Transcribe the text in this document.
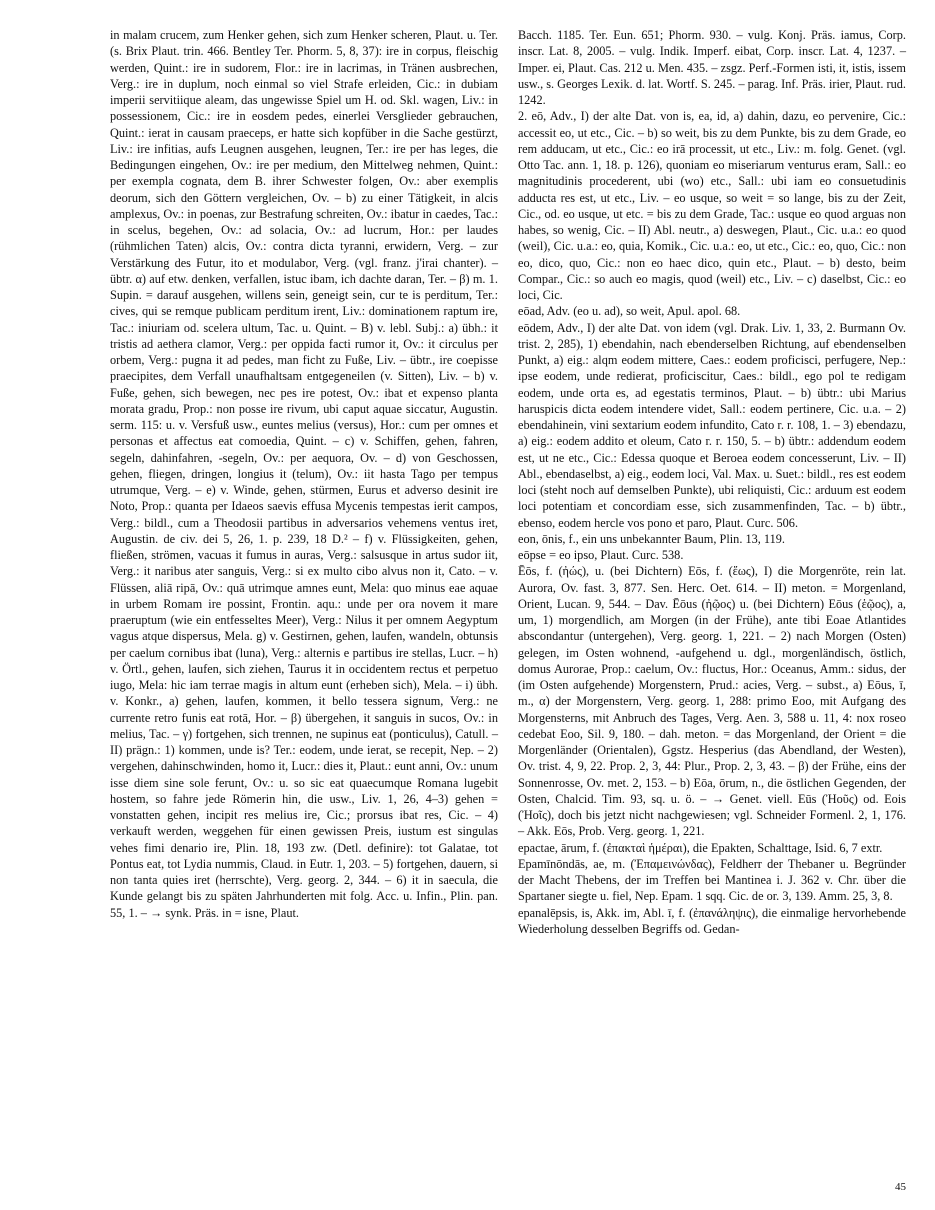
in malam crucem, zum Henker gehen, sich zum Henker scheren, Plaut. u. Ter. (s. Brix Plaut. trin. 466. Bentley Ter. Phorm. 5, 8, 37): ire in corpus, fleischig werden, Quint.: ire in sudorem, Flor.: ire in lacrimas, in Tränen ausbrechen, Verg.: ire in duplum, noch einmal so viel Strafe erleiden, Cic.: in dubiam imperii servitiique aleam, das ungewisse Spiel um H. od. Skl. wagen, Liv.: in possessionem, Cic.: ire in eosdem pedes, einerlei Versglieder gebrauchen, Quint.: ierat in causam praeceps, er hatte sich kopfüber in die Sache gestürzt, Liv.: ire infitias, aufs Leugnen ausgehen, leugnen, Ter.: ire per has leges, die Bedingungen eingehen, Ov.: ire per medium, den Mittelweg nehmen, Quint.: per exempla cognata, dem B. ihrer Schwester folgen, Ov.: aber exemplis deorum, sich den Göttern vergleichen, Ov. – b) zu einer Tätigkeit, in alcis amplexus, Ov.: in poenas, zur Bestrafung schreiten, Ov.: ibatur in caedes, Tac.: in scelus, begehen, Ov.: ad solacia, Ov.: ad lucrum, Hor.: per laudes (rühmlichen Taten) alcis, Ov.: contra dicta tyranni, erwidern, Verg. – zur Verstärkung des Futur, ito et modulabor, Verg. (vgl. franz. j'irai chanter). – übtr. α) auf etw. denken, verfallen, istuc ibam, ich dachte daran, Ter. – β) m. 1. Supin. = darauf ausgehen, willens sein, geneigt sein, cur te is perditum, Ter.: cives, qui se remque publicam perditum irent, Liv.: dominationem raptum ire, Tac.: iniuriam od. scelera ultum, Tac. u. Quint. – B) v. lebl. Subj.: a) übh.: it tristis ad aethera clamor, Verg.: per oppida facti rumor it, Ov.: it circulus per orbem, Verg.: pugna it ad pedes, man ficht zu Fuße, Liv. – übtr., ire coepisse praecipites, dem Verfall unaufhaltsam entgegeneilen (v. Sitten), Liv. – b) v. Fuße, gehen, sich bewegen, nec pes ire potest, Ov.: ibat et expenso planta morata gradu, Prop.: non posse ire rivum, ubi caput aquae siccatur, Augustin. serm. 115: u. v. Versfuß usw., euntes melius (versus), Hor.: cum per omnes et personas et affectus eat comoedia, Quint. – c) v. Schiffen, gehen, fahren, segeln, dahinfahren, -segeln, Ov.: per aequora, Ov. – d) von Geschossen, gehen, fliegen, dringen, longius it (telum), Ov.: iit hasta Tago per tempus utrumque, Verg. – e) v. Winde, gehen, stürmen, Eurus et adverso desinit ire Noto, Prop.: quanta per Idaeos saevis effusa Mycenis tempestas ierit campos, Verg.: bildl., cum a Theodosii partibus in adversarios vehemens ventus iret, Augustin. de civ. dei 5, 26, 1. p. 239, 18 D.² – f) v. Flüssigkeiten, gehen, fließen, strömen, vacuas it fumus in auras, Verg.: salsusque in artus sudor iit, Verg.: it naribus ater sanguis, Verg.: si ex multo cibo alvus non it, Cato. – v. Flüssen, aliā ripā, Ov.: quā utrimque amnes eunt, Mela: quo minus eae aquae in urbem Romam ire possint, Frontin. aqu.: unde per ora novem it mare praeruptum (wie ein entfesseltes Meer), Verg.: Nilus it per omnem Aegyptum vagus atque dispersus, Mela. g) v. Gestirnen, gehen, laufen, wandeln, obtunsis per caelum cornibus ibat (luna), Verg.: alternis e partibus ire stellas, Lucr. – h) v. Örtl., gehen, laufen, sich ziehen, Taurus it in occidentem rectus et perpetuo iugo, Mela: hic iam terrae magis in altum eunt (erheben sich), Mela. – i) übh. v. Konkr., a) gehen, laufen, kommen, it bello tessera signum, Verg.: ne currente retro funis eat rotā, Hor. – β) übergehen, it sanguis in sucos, Ov.: in melius, Tac. – γ) fortgehen, sich trennen, ne supinus eat (ponticulus), Catull. – II) prägn.: 1) kommen, unde is? Ter.: eodem, unde ierat, se recepit, Nep. – 2) vergehen, dahinschwinden, homo it, Lucr.: dies it, Plaut.: eunt anni, Ov.: unum isse diem sine sole ferunt, Ov.: u. so sic eat quaecumque Romana lugebit hostem, so fahre jede Römerin hin, die usw., Liv. 1, 26, 4–3) gehen = vonstatten gehen, incipit res melius ire, Cic.; prorsus ibat res, Cic. – 4) verkauft werden, weggehen für einen gewissen Preis, iustum est singulas vehes fimi denario ire, Plin. 18, 193 zw. (Detl. definire): tot Galatae, tot Pontus eat, tot Lydia nummis, Claud. in Eutr. 1, 203. – 5) fortgehen, dauern, si non tanta quies iret (herrschte), Verg. georg. 2, 344. – 6) it in saecula, die Kunde gelangt bis zu späten Jahrhunderten mit folg. Acc. u. Infin., Plin. pan. 55, 1. – → synk. Präs. in = isne, Plaut.

Bacch. 1185. Ter. Eun. 651; Phorm. 930. – vulg. Konj. Präs. iamus, Corp. inscr. Lat. 8, 2005. – vulg. Indik. Imperf. eibat, Corp. inscr. Lat. 4, 1237. – Imper. ei, Plaut. Cas. 212 u. Men. 435. – zsgz. Perf.-Formen isti, it, istis, issem usw., s. Georges Lexik. d. lat. Wortf. S. 245. – parag. Inf. Präs. irier, Plaut. rud. 1242.

2. eō, Adv., I) der alte Dat. von is, ea, id, a) dahin, dazu, eo pervenire, Cic.: accessit eo, ut etc., Cic. – b) so weit, bis zu dem Punkte, bis zu dem Grade, eo rem adducam, ut etc., Cic.: eo irā processit, ut etc., Liv.: m. folg. Genet. (vgl. Otto Tac. ann. 1, 18. p. 126), quoniam eo miseriarum venturus eram, Sall.: eo magnitudinis procederent, ubi (wo) etc., Sall.: ubi iam eo consuetudinis adducta res est, ut etc., Liv. – eo usque, so weit = so lange, bis zu der Zeit, Cic., od. eo usque, ut etc. = bis zu dem Grade, Tac.: usque eo quod arguas non habes, so wenig, Cic. – II) Abl. neutr., a) deswegen, Plaut., Cic. u.a.: eo quod (weil), Cic. u.a.: eo, quia, Komik., Cic. u.a.: eo, ut etc., Cic.: eo, quo, Cic.: non eo, dico, quo, Cic.: non eo haec dico, quin etc., Plaut. – b) desto, beim Compar., Cic.: so auch eo magis, quod (weil) etc., Liv. – c) daselbst, Cic.: eo loci, Cic.

eōad, Adv. (eo u. ad), so weit, Apul. apol. 68.

eōdem, Adv., I) der alte Dat. von idem (vgl. Drak. Liv. 1, 33, 2. Burmann Ov. trist. 2, 285), 1) ebendahin, nach ebenderselben Richtung, auf ebendenselben Punkt, a) eig.: alqm eodem mittere, Caes.: eodem proficisci, perfugere, Nep.: ipse eodem, unde redierat, proficiscitur, Caes.: bildl., ego pol te redigam eodem, unde orta es, ad egestatis terminos, Plaut. – b) übtr.: ubi Marius haruspicis dicta eodem intendere videt, Sall.: eodem pertinere, Cic. u.a. – 2) ebendahinein, vini sextarium eodem infundito, Cato r. r. 108, 1. – 3) ebendazu, a) eig.: eodem addito et oleum, Cato r. r. 150, 5. – b) übtr.: addendum eodem est, ut ne etc., Cic.: Edessa quoque et Beroea eodem concesserunt, Liv. – II) Abl., ebendaselbst, a) eig., eodem loci, Val. Max. u. Suet.: bildl., res est eodem loci (steht noch auf demselben Punkte), ubi reliquisti, Cic.: arduum est eodem loci potentiam et concordiam esse, sich zusammenfinden, Tac. – b) übtr., ebenso, eodem hercle vos pono et paro, Plaut. Curc. 506.

eon, ōnis, f., ein uns unbekannter Baum, Plin. 13, 119.

eōpse = eo ipso, Plaut. Curc. 538.

Ēōs, f. (ἠώς), u. (bei Dichtern) Eōs, f. (ἕως), I) die Morgenröte, rein lat. Aurora, Ov. fast. 3, 877. Sen. Herc. Oet. 614. – II) meton. = Morgenland, Orient, Lucan. 9, 544. – Dav. Ēōus (ἠῷος) u. (bei Dichtern) Eōus (ἑῷος), a, um, 1) morgendlich, am Morgen (in der Frühe), ante tibi Eoae Atlantides abscondantur (untergehen), Verg. georg. 1, 221. – 2) nach Morgen (Osten) gelegen, im Osten wohnend, -aufgehend u. dgl., morgenländisch, östlich, domus Aurorae, Prop.: caelum, Ov.: fluctus, Hor.: Oceanus, Amm.: sidus, der (im Osten aufgehende) Morgenstern, Prud.: acies, Verg. – subst., a) Eōus, ī, m., α) der Morgenstern, Verg. georg. 1, 288: primo Eoo, mit Aufgang des Morgensterns, mit Anbruch des Tages, Verg. Aen. 3, 588 u. 11, 4: nox roseo cedebat Eoo, Sil. 9, 180. – dah. meton. = das Morgenland, der Orient = die Morgenländer (Orientalen), Ggstz. Hesperius (das Abendland, der Westen), Ov. trist. 4, 9, 22. Prop. 2, 3, 44: Plur., Prop. 2, 3, 43. – β) der Frühe, eins der Sonnenrosse, Ov. met. 2, 153. – b) Eōa, ōrum, n., die östlichen Gegenden, der Osten, Chalcid. Tim. 93, sq. u. ö. – → Genet. viell. Eūs (Ἠοῦς) od. Eois (Ἠοῖς), doch bis jetzt nicht nachgewiesen; vgl. Schneider Formenl. 2, 1, 176. – Akk. Eōs, Prob. Verg. georg. 1, 221.

epactae, ārum, f. (ἐπακταὶ ἡμέραι), die Epakten, Schalttage, Isid. 6, 7 extr.

Epamīnōndās, ae, m. (Ἐπαμεινώνδας), Feldherr der Thebaner u. Begründer der Macht Thebens, der im Treffen bei Mantinea i. J. 362 v. Chr. über die Spartaner siegte u. fiel, Nep. Epam. 1 sqq. Cic. de or. 3, 139. Amm. 25, 3, 8.

epanalēpsis, is, Akk. im, Abl. ī, f. (ἐπανάληψις), die einmalige hervorhebende Wiederholung desselben Begriffs od. Gedan-

45
